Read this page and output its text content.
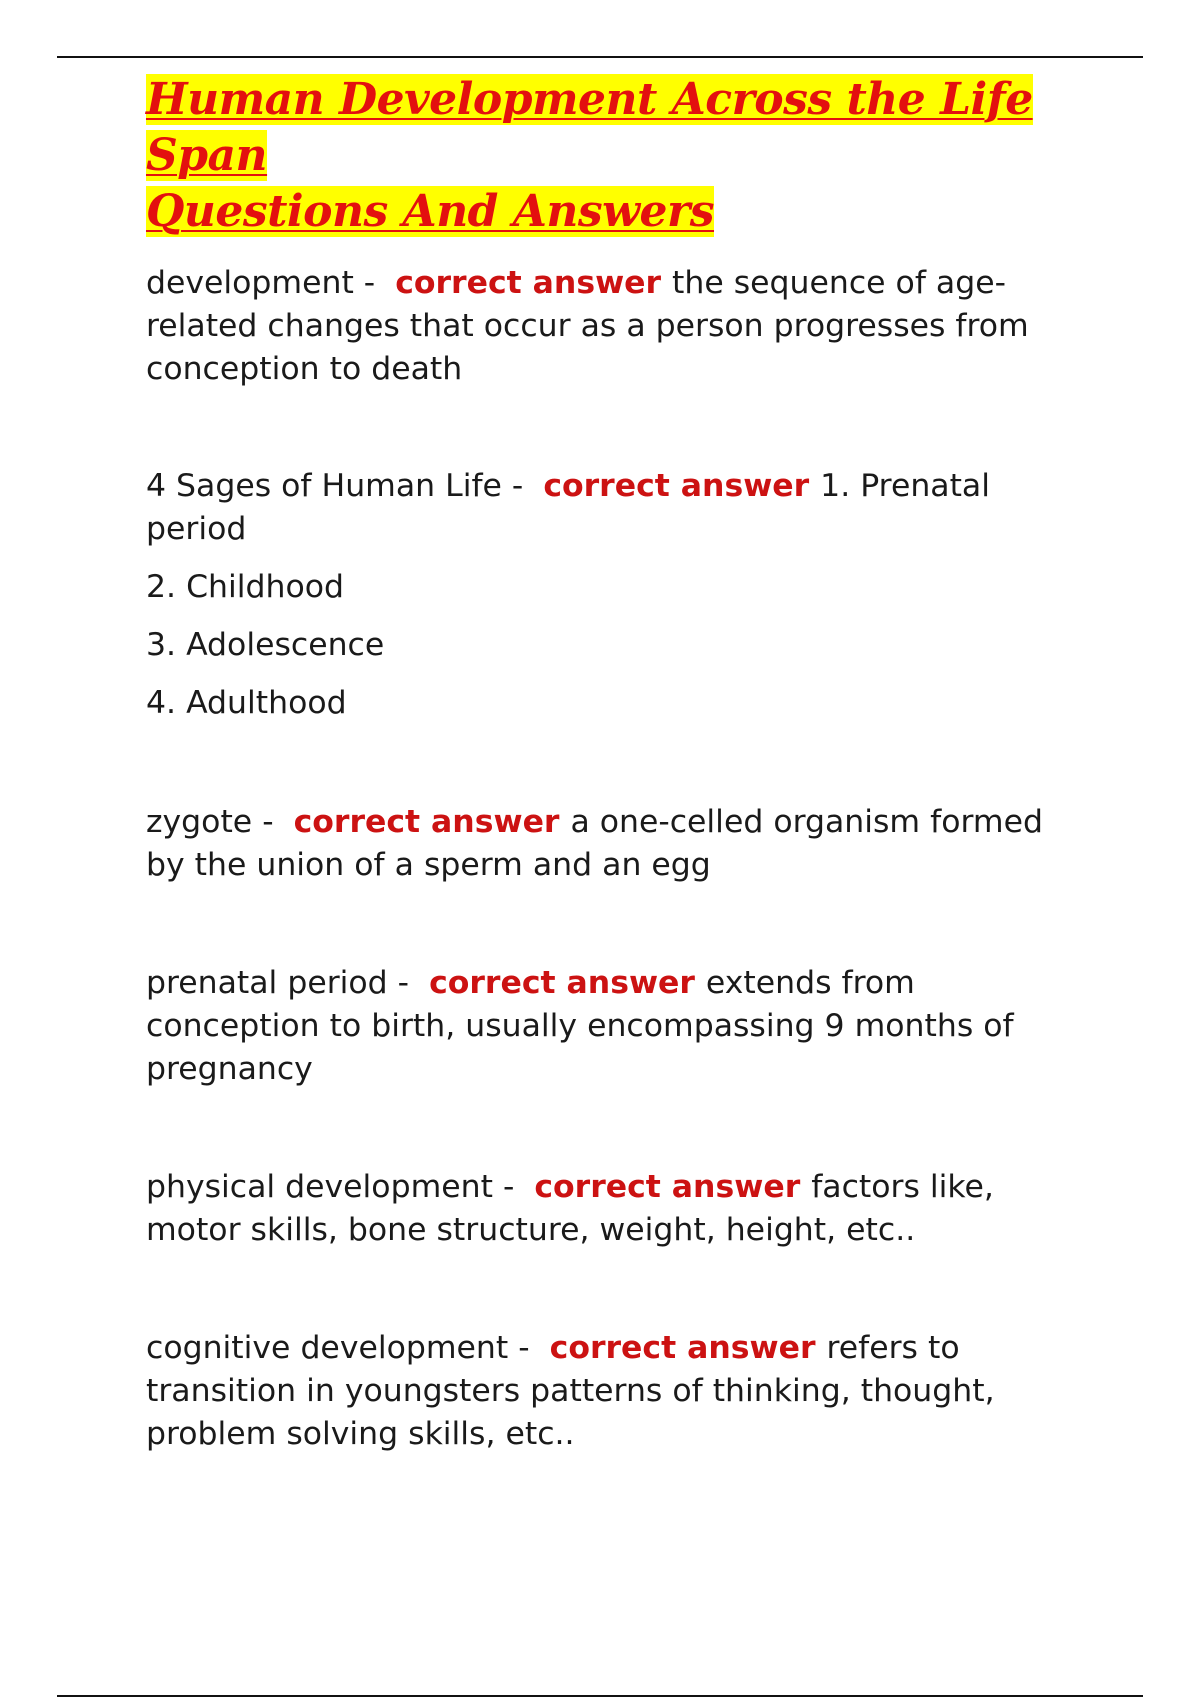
Human Development Across the Life Span
Questions And Answers

development - correct answer the sequence of age-related changes that occur as a person progresses from conception to death

4 Sages of Human Life - correct answer 1. Prenatal period

2. Childhood

3. Adolescence

4. Adulthood

zygote - correct answer a one-celled organism formed by the union of a sperm and an egg

prenatal period - correct answer extends from conception to birth, usually encompassing 9 months of pregnancy

physical development - correct answer factors like, motor skills, bone structure, weight, height, etc..

cognitive development - correct answer refers to transition in youngsters patterns of thinking, thought, problem solving skills, etc..
